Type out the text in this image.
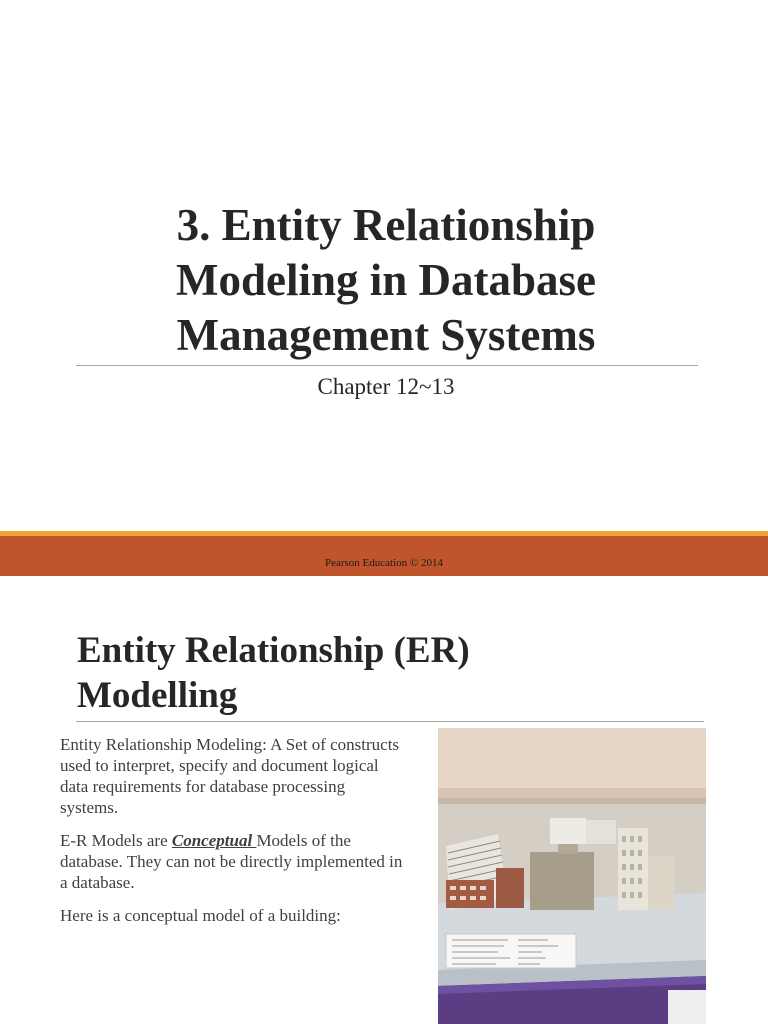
3. Entity Relationship
Modeling in Database
Management Systems
Chapter 12~13
Pearson Education © 2014
Entity Relationship (ER)
Modelling

Entity Relationship Modeling: A Set of constructs used to interpret, specify and document logical data requirements for database processing systems.

E-R Models are Conceptual Models of the database. They can not be directly implemented in a database.

Here is a conceptual model of a building:
